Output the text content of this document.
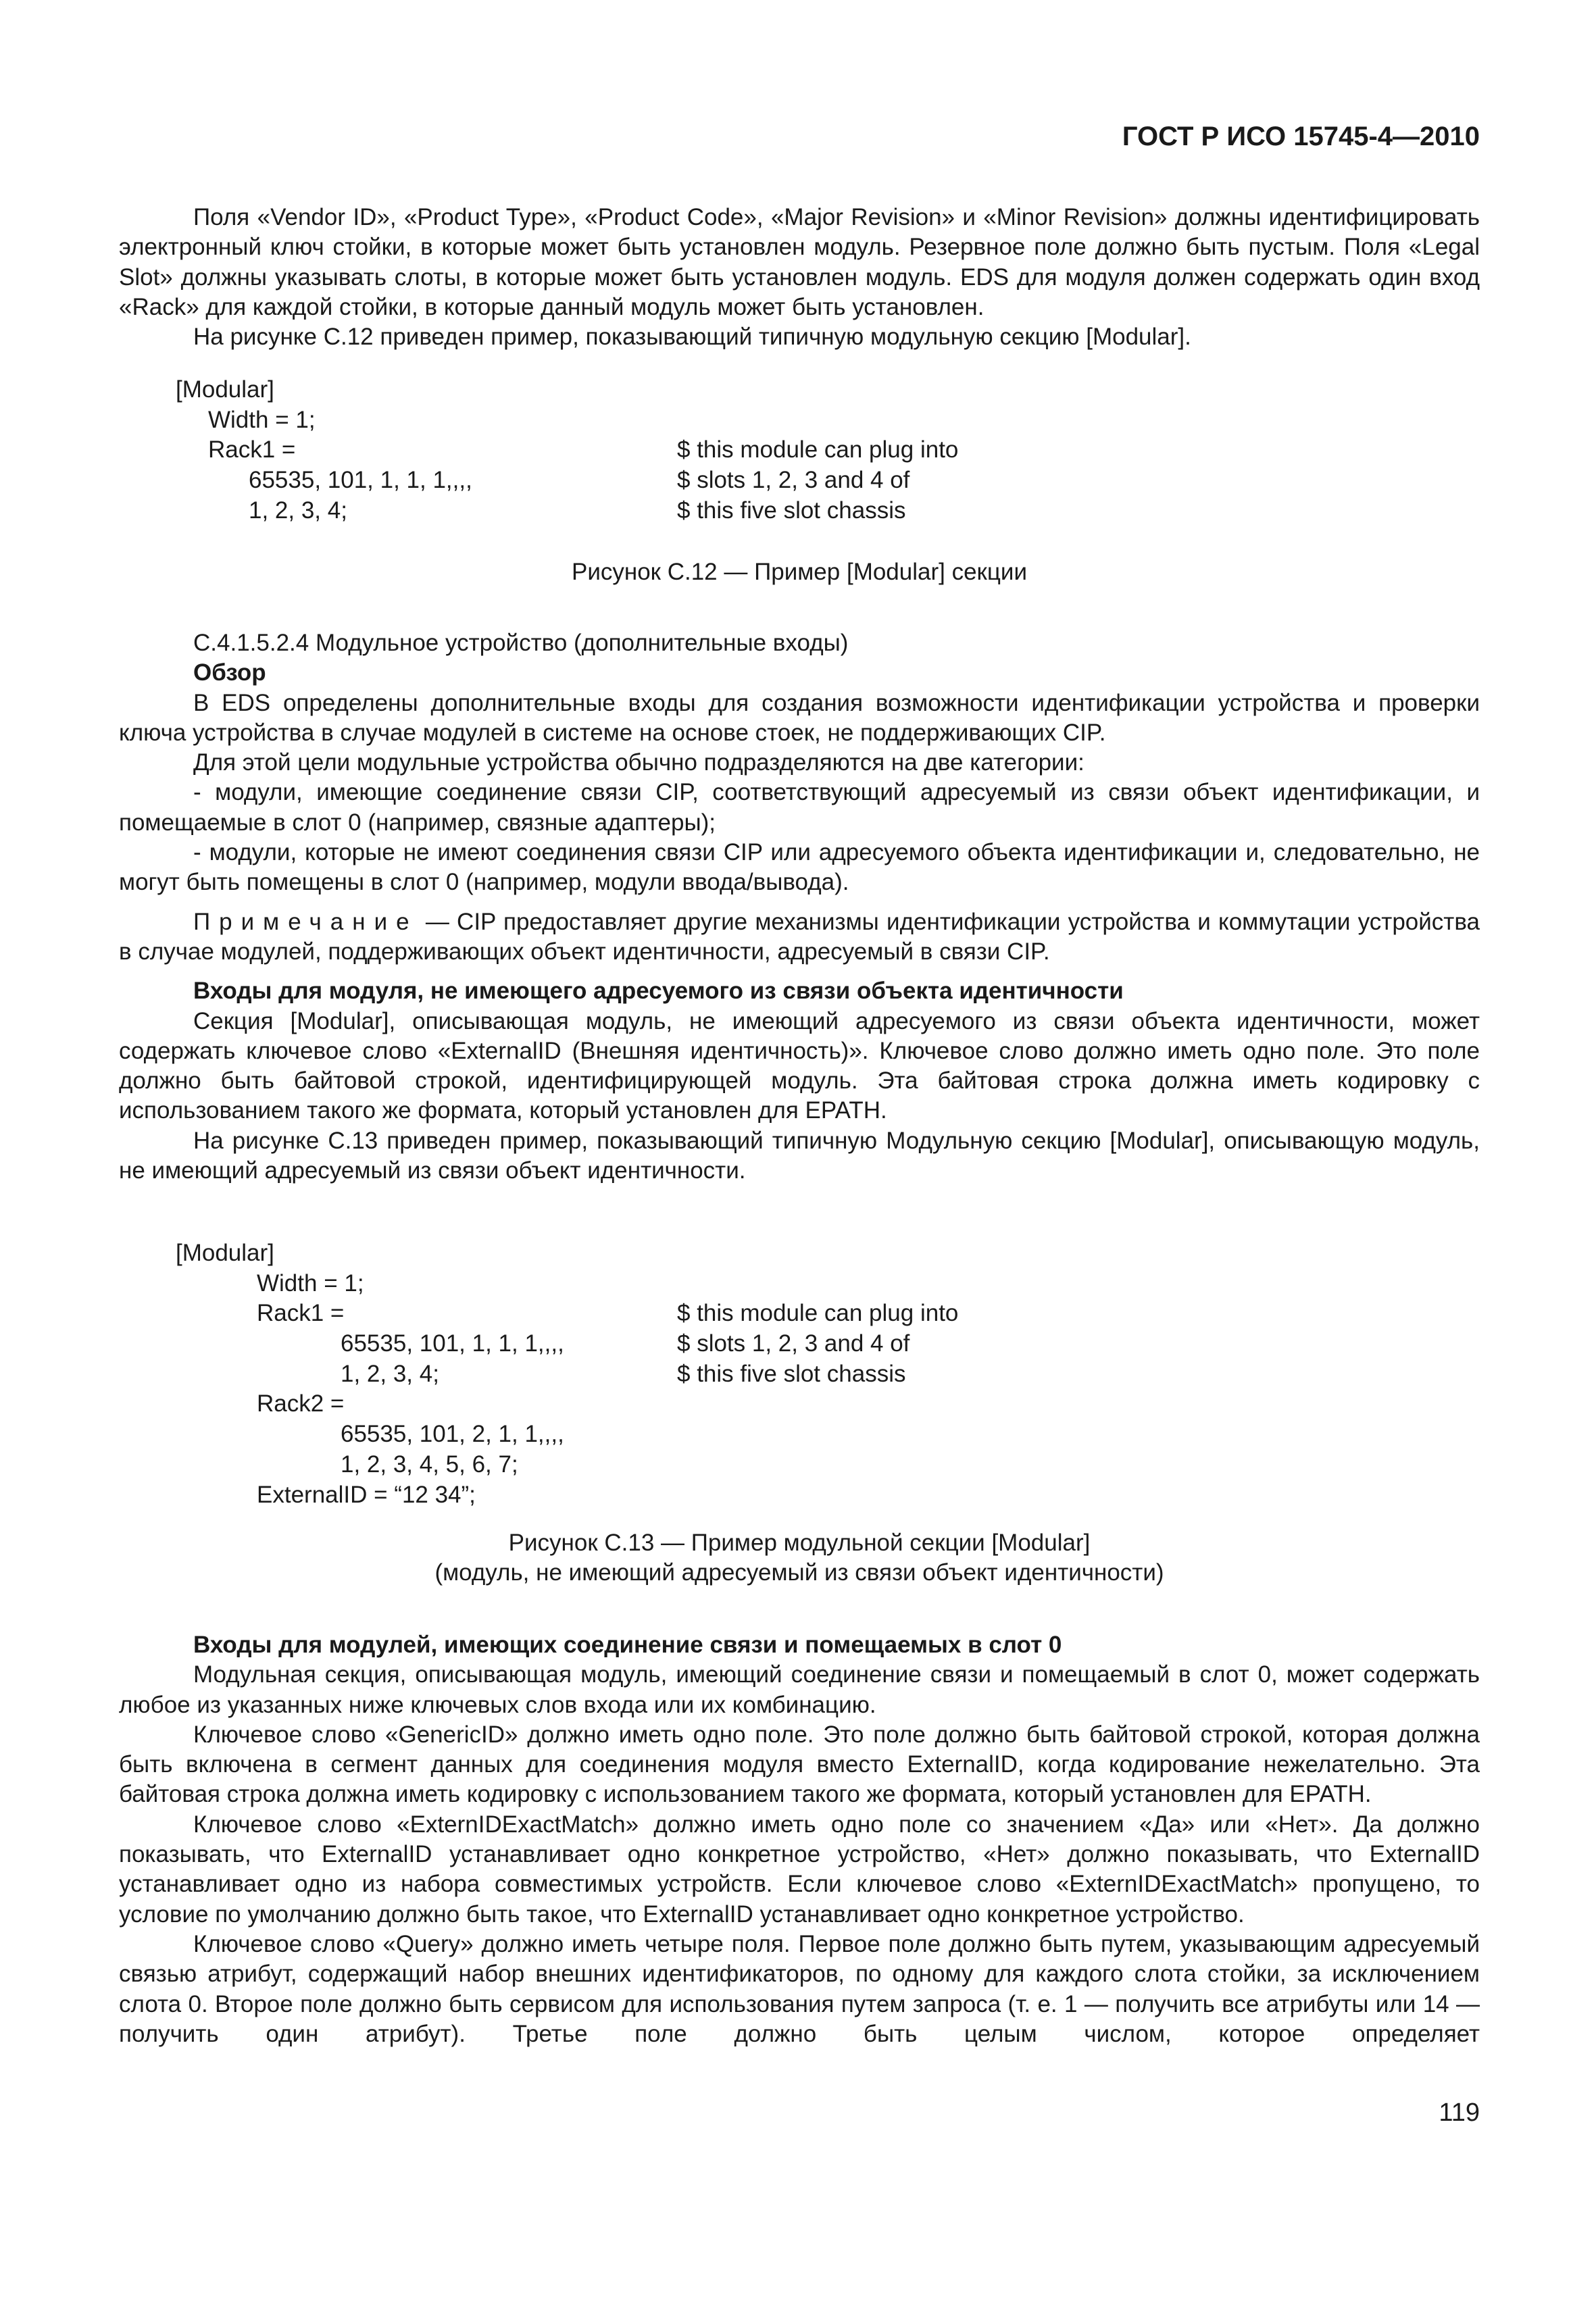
ГОСТ Р ИСО 15745-4—2010

Поля «Vendor ID», «Product Type», «Product Code», «Major Revision» и «Minor Revision» должны идентифицировать электронный ключ стойки, в которые может быть установлен модуль. Резервное поле должно быть пустым. Поля «Legal Slot» должны указывать слоты, в которые может быть установлен модуль. EDS для модуля должен содержать один вход «Rack» для каждой стойки, в которые данный модуль может быть установлен.

На рисунке С.12 приведен пример, показывающий типичную модульную секцию [Modular].

[Modular]
Width = 1;
Rack1 =	$ this module can plug into
65535, 101, 1, 1, 1,,,,	$ slots 1, 2, 3 and 4 of
1, 2, 3, 4;	$ this five slot chassis
Рисунок С.12 — Пример [Modular] секции

С.4.1.5.2.4 Модульное устройство (дополнительные входы)

Обзор

В EDS определены дополнительные входы для создания возможности идентификации устройства и проверки ключа устройства в случае модулей в системе на основе стоек, не поддерживающих CIP.

Для этой цели модульные устройства обычно подразделяются на две категории:

- модули, имеющие соединение связи CIP, соответствующий адресуемый из связи объект идентификации, и помещаемые в слот 0 (например, связные адаптеры);

- модули, которые не имеют соединения связи CIP или адресуемого объекта идентификации и, следовательно, не могут быть помещены в слот 0 (например, модули ввода/вывода).

Примечание — CIP предоставляет другие механизмы идентификации устройства и коммутации устройства в случае модулей, поддерживающих объект идентичности, адресуемый в связи CIP.

Входы для модуля, не имеющего адресуемого из связи объекта идентичности

Секция [Modular], описывающая модуль, не имеющий адресуемого из связи объекта идентичности, может содержать ключевое слово «ExternalID (Внешняя идентичность)». Ключевое слово должно иметь одно поле. Это поле должно быть байтовой строкой, идентифицирующей модуль. Эта байтовая строка должна иметь кодировку с использованием такого же формата, который установлен для EPATH.

На рисунке С.13 приведен пример, показывающий типичную Модульную секцию [Modular], описывающую модуль, не имеющий адресуемый из связи объект идентичности.

[Modular]
Width = 1;
Rack1 =	$ this module can plug into
65535, 101, 1, 1, 1,,,,	$ slots 1, 2, 3 and 4 of
1, 2, 3, 4;	$ this five slot chassis
Rack2 =
65535, 101, 2, 1, 1,,,,
1, 2, 3, 4, 5, 6, 7;
ExternalID = “12 34”;
Рисунок С.13 — Пример модульной секции [Modular]
(модуль, не имеющий адресуемый из связи объект идентичности)

Входы для модулей, имеющих соединение связи и помещаемых в слот 0

Модульная секция, описывающая модуль, имеющий соединение связи и помещаемый в слот 0, может содержать любое из указанных ниже ключевых слов входа или их комбинацию.

Ключевое слово «GenericID» должно иметь одно поле. Это поле должно быть байтовой строкой, которая должна быть включена в сегмент данных для соединения модуля вместо ExternalID, когда кодирование нежелательно. Эта байтовая строка должна иметь кодировку с использованием такого же формата, который установлен для EPATH.

Ключевое слово «ExternIDExactMatch» должно иметь одно поле со значением «Да» или «Нет». Да должно показывать, что ExternalID устанавливает одно конкретное устройство, «Нет» должно показывать, что ExternalID устанавливает одно из набора совместимых устройств. Если ключевое слово «ExternIDExactMatch» пропущено, то условие по умолчанию должно быть такое, что ExternalID устанавливает одно конкретное устройство.

Ключевое слово «Query» должно иметь четыре поля. Первое поле должно быть путем, указывающим адресуемый связью атрибут, содержащий набор внешних идентификаторов, по одному для каждого слота стойки, за исключением слота 0. Второе поле должно быть сервисом для использования путем запроса (т. е. 1 — получить все атрибуты или 14 — получить один атрибут). Третье поле должно быть целым числом, которое определяет

119
